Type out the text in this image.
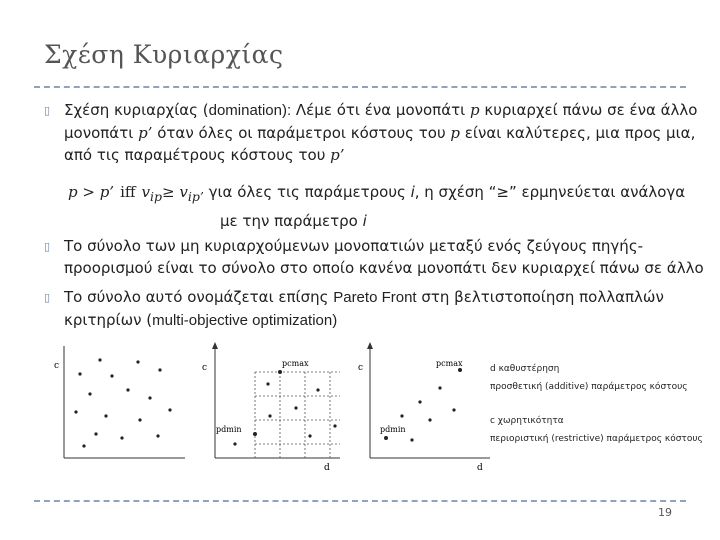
Σχέση Κυριαρχίας
▯ Σχέση κυριαρχίας (domination): Λέμε ότι ένα μονοπάτι p κυριαρχεί πάνω σε ένα άλλο
μονοπάτι p’ όταν όλες οι παράμετροι κόστους του p είναι καλύτερες, μια προς μια,
από τις παραμέτρους κόστους του p’
p > p’ iff $v_{ip}\ge v_{ip’}$ για όλες τις παράμετρους i, η σχέση “≥” ερμηνεύεται ανάλογα
με την παράμετρο i
▯ Το σύνολο των μη κυριαρχούμενων μονοπατιών μεταξύ ενός ζεύγους πηγής-
προορισμού είναι το σύνολο στο οποίο κανένα μονοπάτι δεν κυριαρχεί πάνω σε άλλο
▯ Το σύνολο αυτό ονομάζεται επίσης Pareto Front στη βελτιστοποίηση πολλαπλών
κριτηρίων (multi-objective optimization)
c	c
d
pcmax
pdmin
c
d
pcmax
pdmin
d καθυστέρηση
προσθετική (additive) παράμετρος κόστους
c χωρητικότητα
περιοριστική (restrictive) παράμετρος κόστους
19
